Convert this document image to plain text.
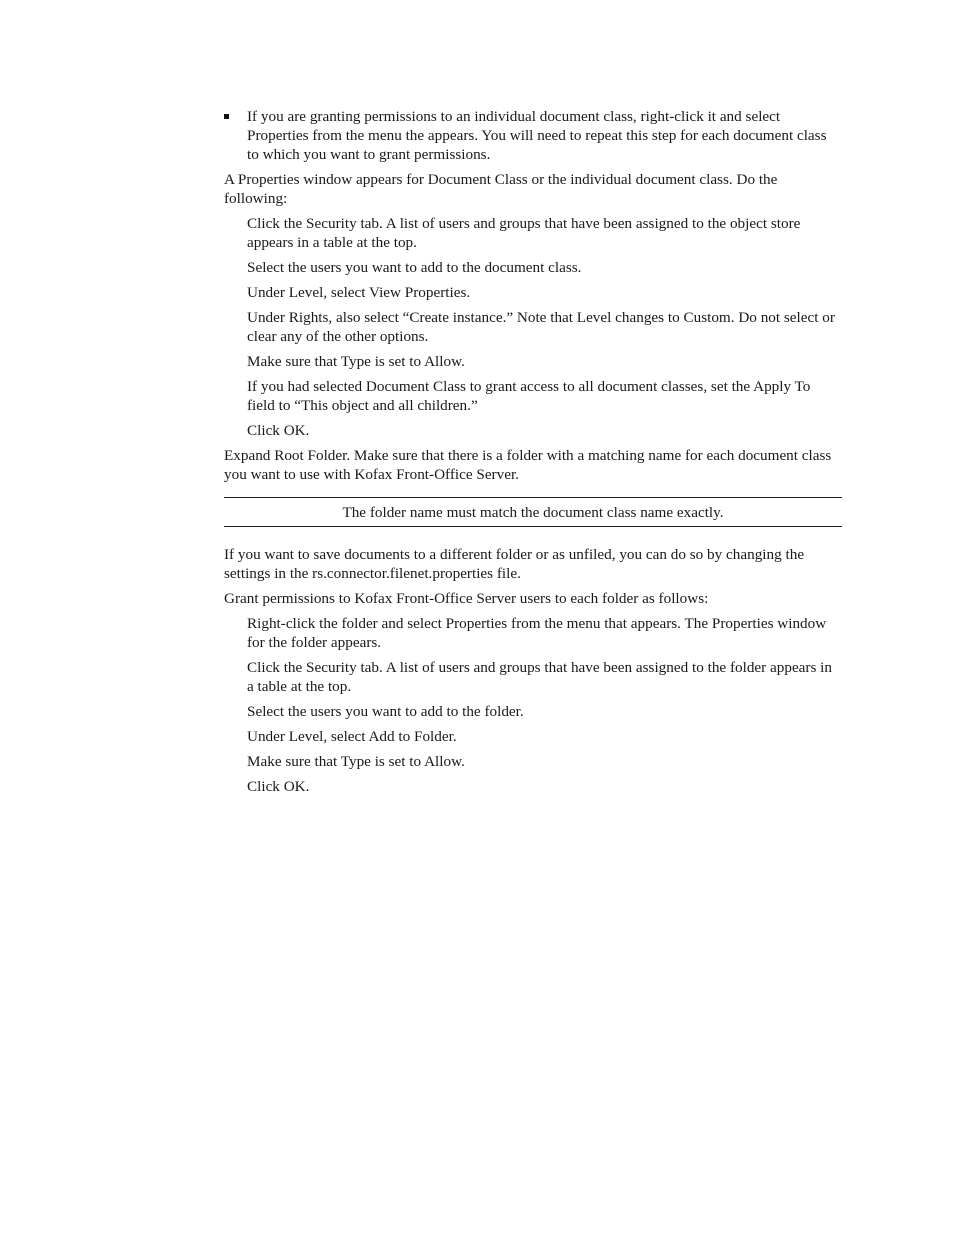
If you are granting permissions to an individual document class, right-click it and select Properties from the menu the appears. You will need to repeat this step for each document class to which you want to grant permissions.

A Properties window appears for Document Class or the individual document class. Do the following:

Click the Security tab. A list of users and groups that have been assigned to the object store appears in a table at the top.

Select the users you want to add to the document class.

Under Level, select View Properties.

Under Rights, also select “Create instance.” Note that Level changes to Custom. Do not select or clear any of the other options.

Make sure that Type is set to Allow.

If you had selected Document Class to grant access to all document classes, set the Apply To field to “This object and all children.”

Click OK.

Expand Root Folder. Make sure that there is a folder with a matching name for each document class you want to use with Kofax Front-Office Server.

The folder name must match the document class name exactly.

If you want to save documents to a different folder or as unfiled, you can do so by changing the settings in the rs.connector.filenet.properties file.

Grant permissions to Kofax Front-Office Server users to each folder as follows:

Right-click the folder and select Properties from the menu that appears. The Properties window for the folder appears.

Click the Security tab. A list of users and groups that have been assigned to the folder appears in a table at the top.

Select the users you want to add to the folder.

Under Level, select Add to Folder.

Make sure that Type is set to Allow.

Click OK.
